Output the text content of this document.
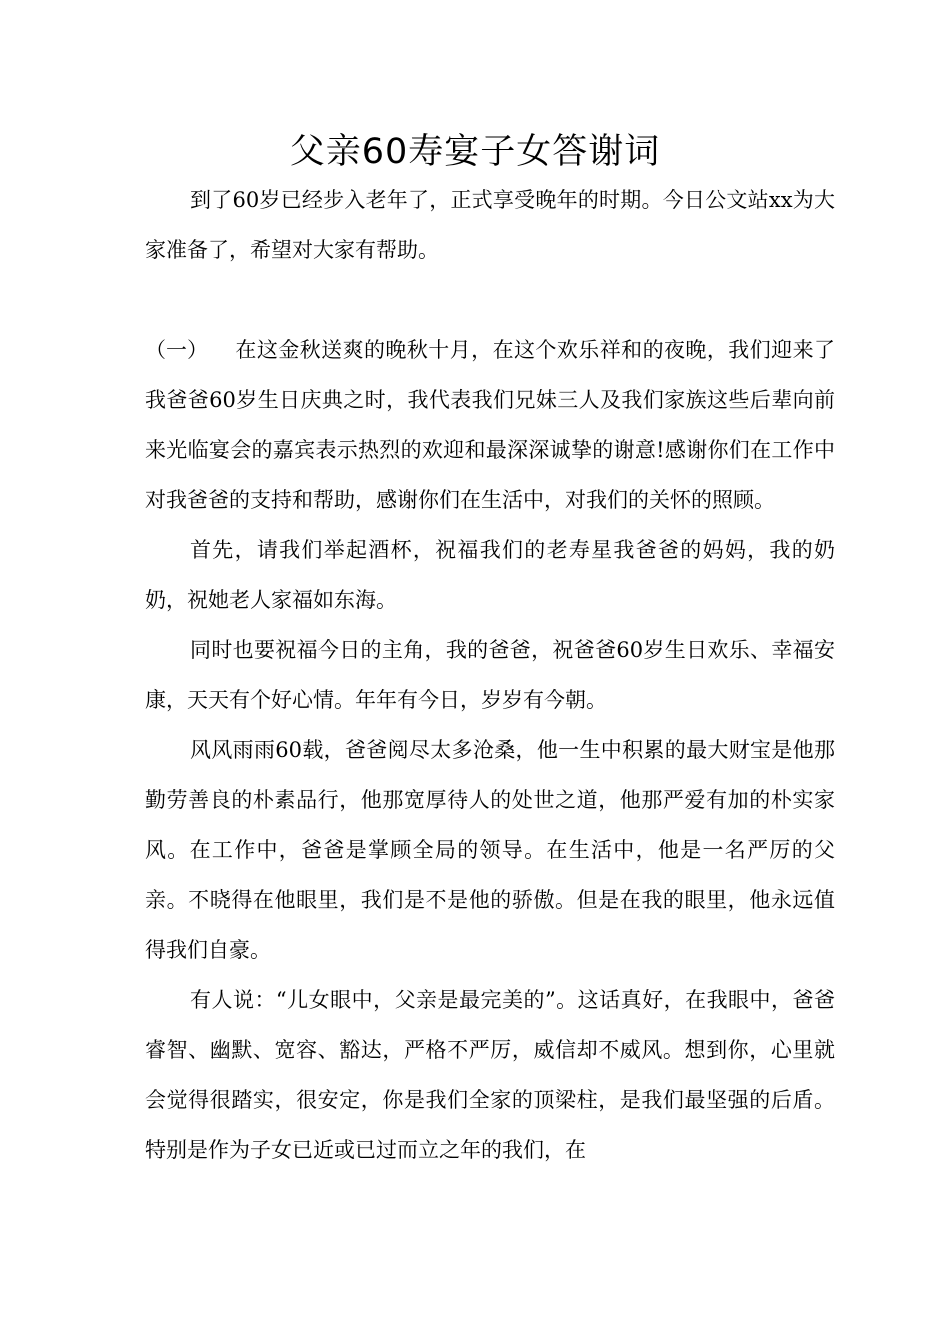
父亲60寿宴子女答谢词

到了60岁已经步入老年了，正式享受晚年的时期。今日公文站xx为大家准备了，希望对大家有帮助。

（一） 在这金秋送爽的晚秋十月，在这个欢乐祥和的夜晚，我们迎来了我爸爸60岁生日庆典之时，我代表我们兄妹三人及我们家族这些后辈向前来光临宴会的嘉宾表示热烈的欢迎和最深深诚挚的谢意!感谢你们在工作中对我爸爸的支持和帮助，感谢你们在生活中，对我们的关怀的照顾。

首先，请我们举起酒杯，祝福我们的老寿星我爸爸的妈妈，我的奶奶，祝她老人家福如东海。

同时也要祝福今日的主角，我的爸爸，祝爸爸60岁生日欢乐、幸福安康，天天有个好心情。年年有今日，岁岁有今朝。

风风雨雨60载，爸爸阅尽太多沧桑，他一生中积累的最大财宝是他那勤劳善良的朴素品行，他那宽厚待人的处世之道，他那严爱有加的朴实家风。在工作中，爸爸是掌顾全局的领导。在生活中，他是一名严厉的父亲。不晓得在他眼里，我们是不是他的骄傲。但是在我的眼里，他永远值得我们自豪。

有人说：“儿女眼中，父亲是最完美的”。这话真好，在我眼中，爸爸睿智、幽默、宽容、豁达，严格不严厉，威信却不威风。想到你，心里就会觉得很踏实，很安定，你是我们全家的顶梁柱，是我们最坚强的后盾。特别是作为子女已近或已过而立之年的我们，在
